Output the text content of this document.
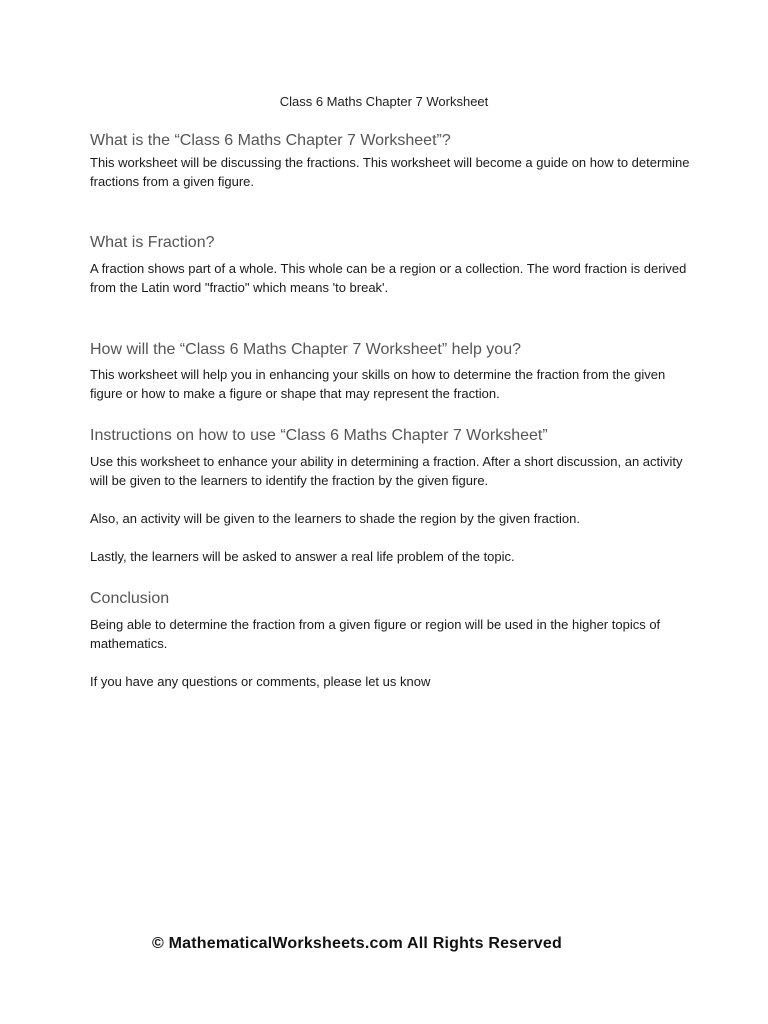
Class 6 Maths Chapter 7 Worksheet
What is the “Class 6 Maths Chapter 7 Worksheet”?

This worksheet will be discussing the fractions. This worksheet will become a guide on how to determine fractions from a given figure.

What is Fraction?

A fraction shows part of a whole. This whole can be a region or a collection. The word fraction is derived from the Latin word "fractio" which means 'to break'.

How will the “Class 6 Maths Chapter 7 Worksheet” help you?

This worksheet will help you in enhancing your skills on how to determine the fraction from the given figure or how to make a figure or shape that may represent the fraction.

Instructions on how to use “Class 6 Maths Chapter 7 Worksheet”

Use this worksheet to enhance your ability in determining a fraction. After a short discussion, an activity will be given to the learners to identify the fraction by the given figure.

Also, an activity will be given to the learners to shade the region by the given fraction.

Lastly, the learners will be asked to answer a real life problem of the topic.

Conclusion

Being able to determine the fraction from a given figure or region will be used in the higher topics of mathematics.

If you have any questions or comments, please let us know

© MathematicalWorksheets.com All Rights Reserved
